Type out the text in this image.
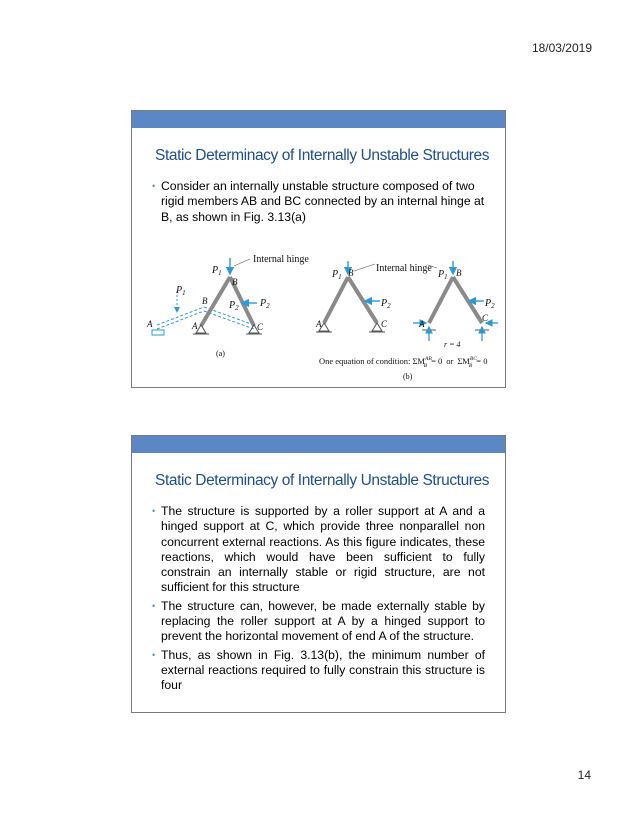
18/03/2019
Static Determinacy of Internally Unstable Structures
• Consider an internally unstable structure composed of two rigid members AB and BC connected by an internal hinge at B, as shown in Fig. 3.13(a)
$P_1$
Internal hinge
B
$P_1$
B $P_2$ $P_2$
A	A	C
(a)
$P_1$ B Internal hinge
$P_2$
A	C
$P_1$ B
$P_2$
A
C
r = 4
One equation of condition: $\Sigma M^{AB}$ B = 0 or $\Sigma M^{BC}$ B = 0
(b)
Static Determinacy of Internally Unstable Structures
• The structure is supported by a roller support at A and a hinged support at C, which provide three nonparallel non concurrent external reactions. As this figure indicates, these reactions, which would have been sufficient to fully constrain an internally stable or rigid structure, are not sufficient for this structure
• The structure can, however, be made externally stable by replacing the roller support at A by a hinged support to prevent the horizontal movement of end A of the structure.
• Thus, as shown in Fig. 3.13(b), the minimum number of external reactions required to fully constrain this structure is four
14
